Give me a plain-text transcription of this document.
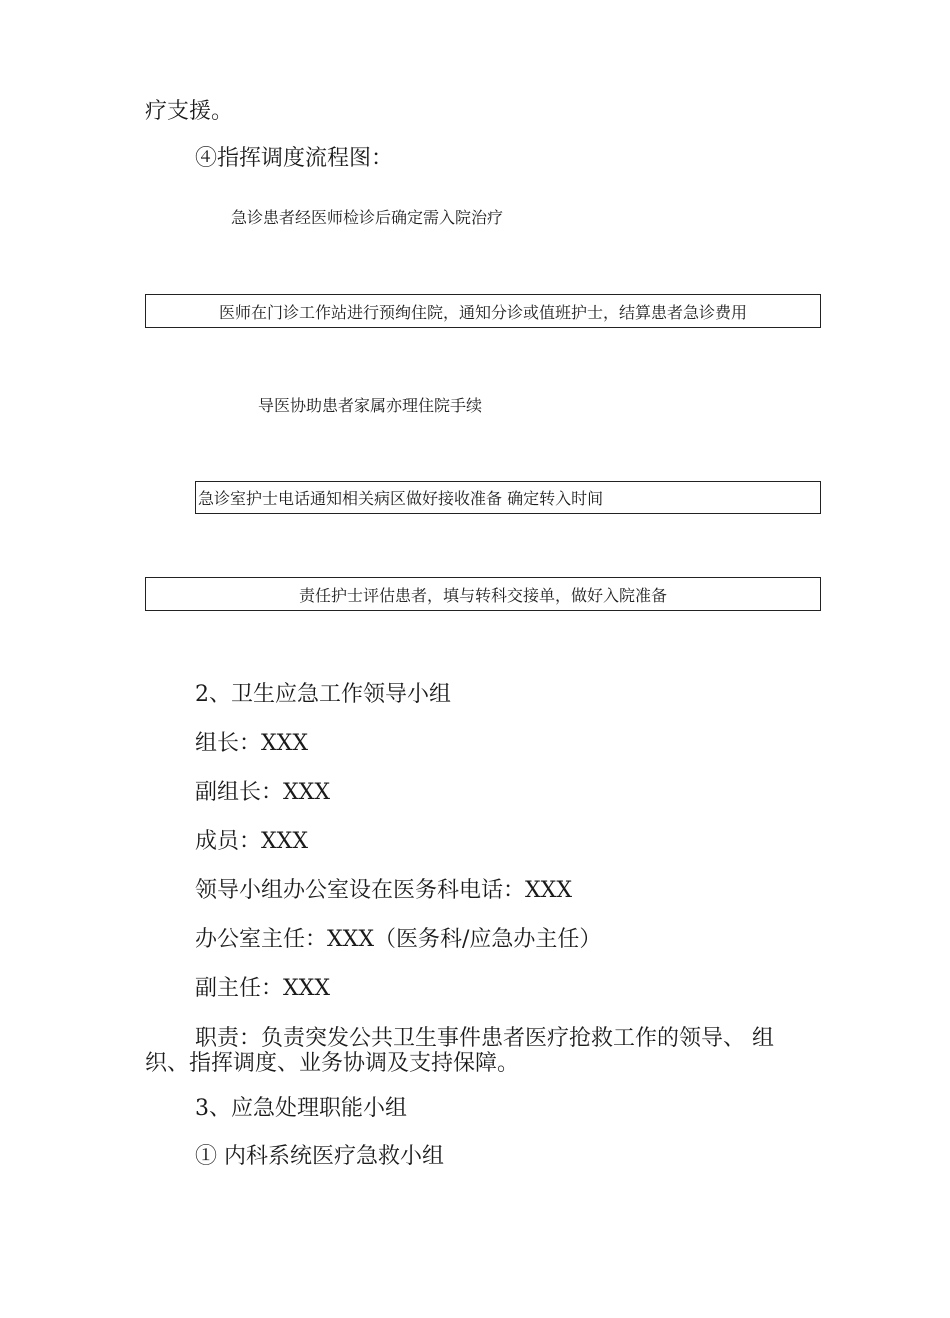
疗支援。
④指挥调度流程图：
急诊患者经医师检诊后确定需入院治疗
医师在门诊工作站进行预绚住院，通知分诊或值班护士，结算患者急诊费用
导医协助患者家属亦理住院手续
急诊室护士电话通知相关病区做好接收准备 确定转入时间
责任护士评估患者，填与转科交接单，做好入院准备
2、卫生应急工作领导小组
组长：XXX
副组长：XXX
成员：XXX
领导小组办公室设在医务科电话：XXX
办公室主任：XXX（医务科/应急办主任）
副主任：XXX
职责：负责突发公共卫生事件患者医疗抢救工作的领导、 组
织、指挥调度、业务协调及支持保障。
3、应急处理职能小组
① 内科系统医疗急救小组
